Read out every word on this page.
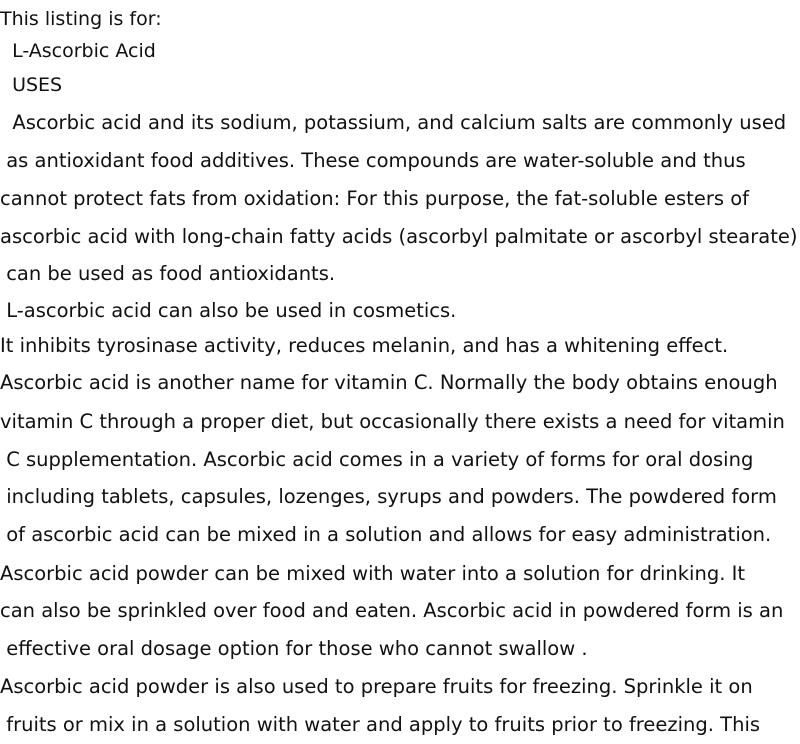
This listing is for:
L-Ascorbic Acid
USES
Ascorbic acid and its sodium, potassium, and calcium salts are commonly used
as antioxidant food additives. These compounds are water-soluble and thus
cannot protect fats from oxidation: For this purpose, the fat-soluble esters of
ascorbic acid with long-chain fatty acids (ascorbyl palmitate or ascorbyl stearate)
can be used as food antioxidants.
L-ascorbic acid can also be used in cosmetics.
It inhibits tyrosinase activity, reduces melanin, and has a whitening effect.
Ascorbic acid is another name for vitamin C. Normally the body obtains enough
vitamin C through a proper diet, but occasionally there exists a need for vitamin
C supplementation. Ascorbic acid comes in a variety of forms for oral dosing
including tablets, capsules, lozenges, syrups and powders. The powdered form
of ascorbic acid can be mixed in a solution and allows for easy administration.
Ascorbic acid powder can be mixed with water into a solution for drinking. It
can also be sprinkled over food and eaten. Ascorbic acid in powdered form is an
effective oral dosage option for those who cannot swallow .
Ascorbic acid powder is also used to prepare fruits for freezing. Sprinkle it on
fruits or mix in a solution with water and apply to fruits prior to freezing. This
